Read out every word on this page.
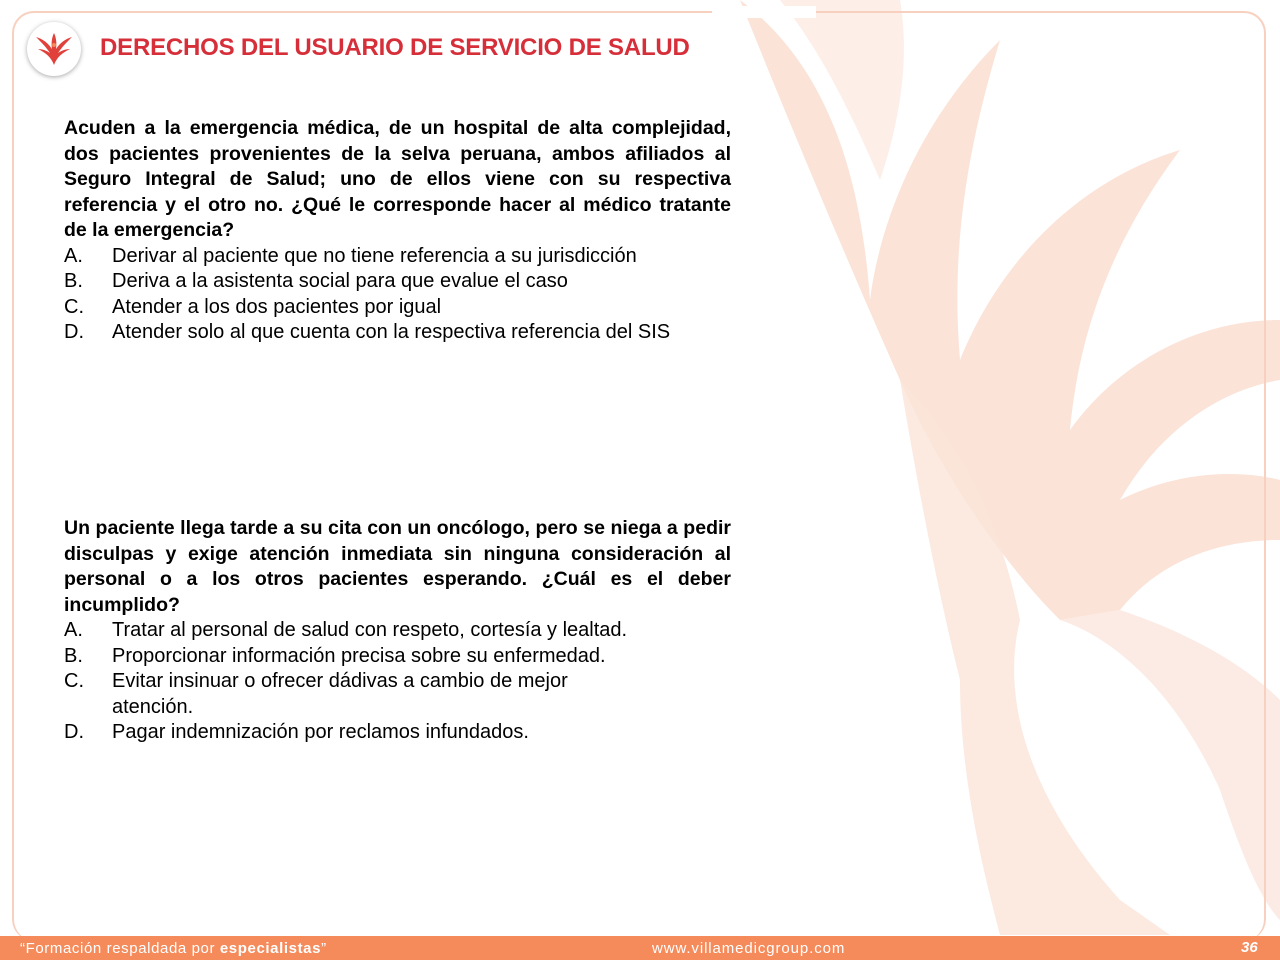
DERECHOS DEL USUARIO DE SERVICIO DE SALUD

Acuden a la emergencia médica, de un hospital de alta complejidad, dos pacientes provenientes de la selva peruana, ambos afiliados al Seguro Integral de Salud; uno de ellos viene con su respectiva referencia y el otro no. ¿Qué le corresponde hacer al médico tratante de la emergencia?

A.	Derivar al paciente que no tiene referencia a su jurisdicción
B.	Deriva a la asistenta social para que evalue el caso
C.	Atender a los dos pacientes por igual
D.	Atender solo al que cuenta con la respectiva referencia del SIS

Un paciente llega tarde a su cita con un oncólogo, pero se niega a pedir disculpas y exige atención inmediata sin ninguna consideración al personal o a los otros pacientes esperando. ¿Cuál es el deber incumplido?

A.	Tratar al personal de salud con respeto, cortesía y lealtad.
B.	Proporcionar información precisa sobre su enfermedad.
C.	Evitar insinuar o ofrecer dádivas a cambio de mejor atención.
D.	Pagar indemnización por reclamos infundados.
“Formación respaldada por especialistas”	www.villamedicgroup.com	36
